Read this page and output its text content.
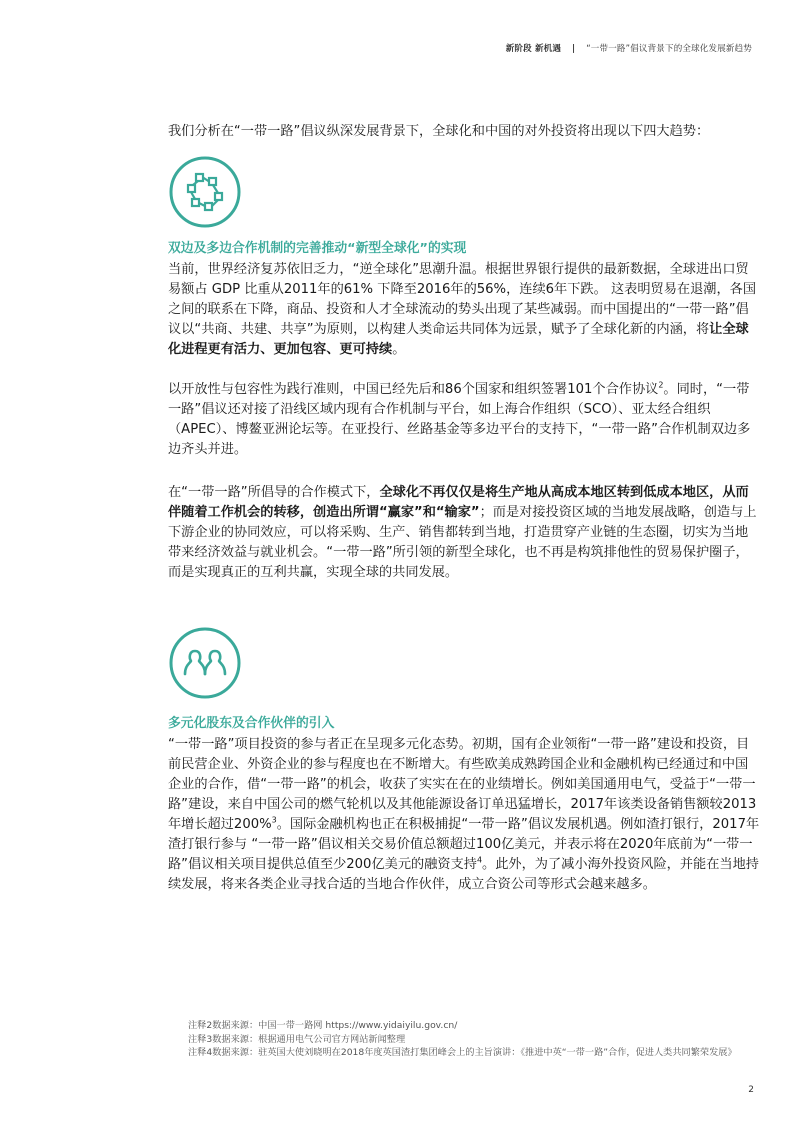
新阶段 新机遇 | “一带一路”倡议背景下的全球化发展新趋势
我们分析在“一带一路”倡议纵深发展背景下，全球化和中国的对外投资将出现以下四大趋势：
双边及多边合作机制的完善推动“新型全球化”的实现

当前，世界经济复苏依旧乏力，“逆全球化”思潮升温。根据世界银行提供的最新数据，全球进出口贸易额占 GDP 比重从2011年的61% 下降至2016年的56%，连续6年下跌。 这表明贸易在退潮，各国之间的联系在下降，商品、投资和人才全球流动的势头出现了某些减弱。而中国提出的“一带一路”倡议以“共商、共建、共享”为原则，以构建人类命运共同体为远景，赋予了全球化新的内涵，将让全球化进程更有活力、更加包容、更可持续。

以开放性与包容性为践行准则，中国已经先后和86个国家和组织签署101个合作协议$^2$。同时，“一带一路”倡议还对接了沿线区域内现有合作机制与平台，如上海合作组织（SCO）、亚太经合组织（APEC）、博鳌亚洲论坛等。在亚投行、丝路基金等多边平台的支持下，“一带一路”合作机制双边多边齐头并进。

在“一带一路”所倡导的合作模式下，全球化不再仅仅是将生产地从高成本地区转到低成本地区，从而伴随着工作机会的转移，创造出所谓“赢家”和“输家”；而是对接投资区域的当地发展战略，创造与上下游企业的协同效应，可以将采购、生产、销售都转到当地，打造贯穿产业链的生态圈，切实为当地带来经济效益与就业机会。“一带一路”所引领的新型全球化，也不再是构筑排他性的贸易保护圈子，而是实现真正的互利共赢，实现全球的共同发展。

多元化股东及合作伙伴的引入

“一带一路”项目投资的参与者正在呈现多元化态势。初期，国有企业领衔“一带一路”建设和投资，目前民营企业、外资企业的参与程度也在不断增大。有些欧美成熟跨国企业和金融机构已经通过和中国企业的合作，借“一带一路”的机会，收获了实实在在的业绩增长。例如美国通用电气，受益于“一带一路”建设，来自中国公司的燃气轮机以及其他能源设备订单迅猛增长，2017年该类设备销售额较2013年增长超过200%$^3$。国际金融机构也正在积极捕捉“一带一路”倡议发展机遇。例如渣打银行，2017年渣打银行参与 “一带一路”倡议相关交易价值总额超过100亿美元，并表示将在2020年底前为“一带一路”倡议相关项目提供总值至少200亿美元的融资支持$^4$。此外，为了减小海外投资风险，并能在当地持续发展，将来各类企业寻找合适的当地合作伙伴，成立合资公司等形式会越来越多。

注释2数据来源：中国一带一路网 https://www.yidaiyilu.gov.cn/
注释3数据来源：根据通用电气公司官方网站新闻整理
注释4数据来源：驻英国大使刘晓明在2018年度英国渣打集团峰会上的主旨演讲：《推进中英“一带一路”合作，促进人类共同繁荣发展》
2
